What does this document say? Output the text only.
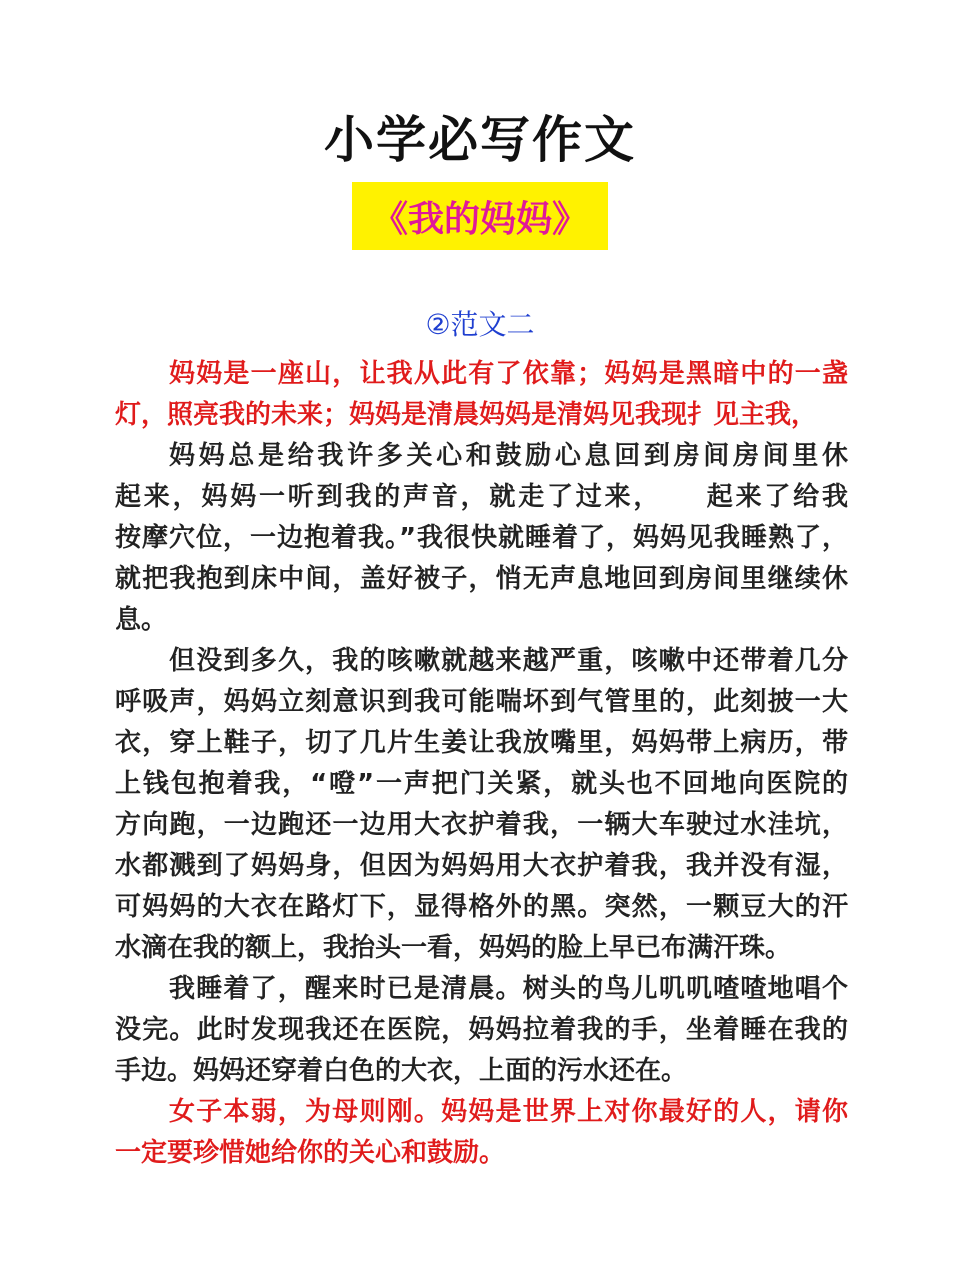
小学必写作文
《我的妈妈》
②范文二
妈妈是一座山，让我从此有了依靠；妈妈是黑暗中的一盏
灯，照亮我的未来；妈妈是清晨妈妈是清妈见我现扌见主我，
妈妈总是给我许多关心和鼓励心息回到房间房间里休
起来，妈妈一听到我的声音，就走了过来，　　起来了给我
按摩穴位，一边抱着我。”我很快就睡着了，妈妈见我睡熟了，
就把我抱到床中间，盖好被子，悄无声息地回到房间里继续休
息。
但没到多久，我的咳嗽就越来越严重，咳嗽中还带着几分
呼吸声，妈妈立刻意识到我可能喘坏到气管里的，此刻披一大
衣，穿上鞋子，切了几片生姜让我放嘴里，妈妈带上病历，带
上钱包抱着我，“噔”一声把门关紧，就头也不回地向医院的
方向跑，一边跑还一边用大衣护着我，一辆大车驶过水洼坑，
水都溅到了妈妈身，但因为妈妈用大衣护着我，我并没有湿，
可妈妈的大衣在路灯下，显得格外的黑。突然，一颗豆大的汗
水滴在我的额上，我抬头一看，妈妈的脸上早已布满汗珠。
我睡着了，醒来时已是清晨。树头的鸟儿叽叽喳喳地唱个
没完。此时发现我还在医院，妈妈拉着我的手，坐着睡在我的
手边。妈妈还穿着白色的大衣，上面的污水还在。
女子本弱，为母则刚。妈妈是世界上对你最好的人，请你
一定要珍惜她给你的关心和鼓励。
